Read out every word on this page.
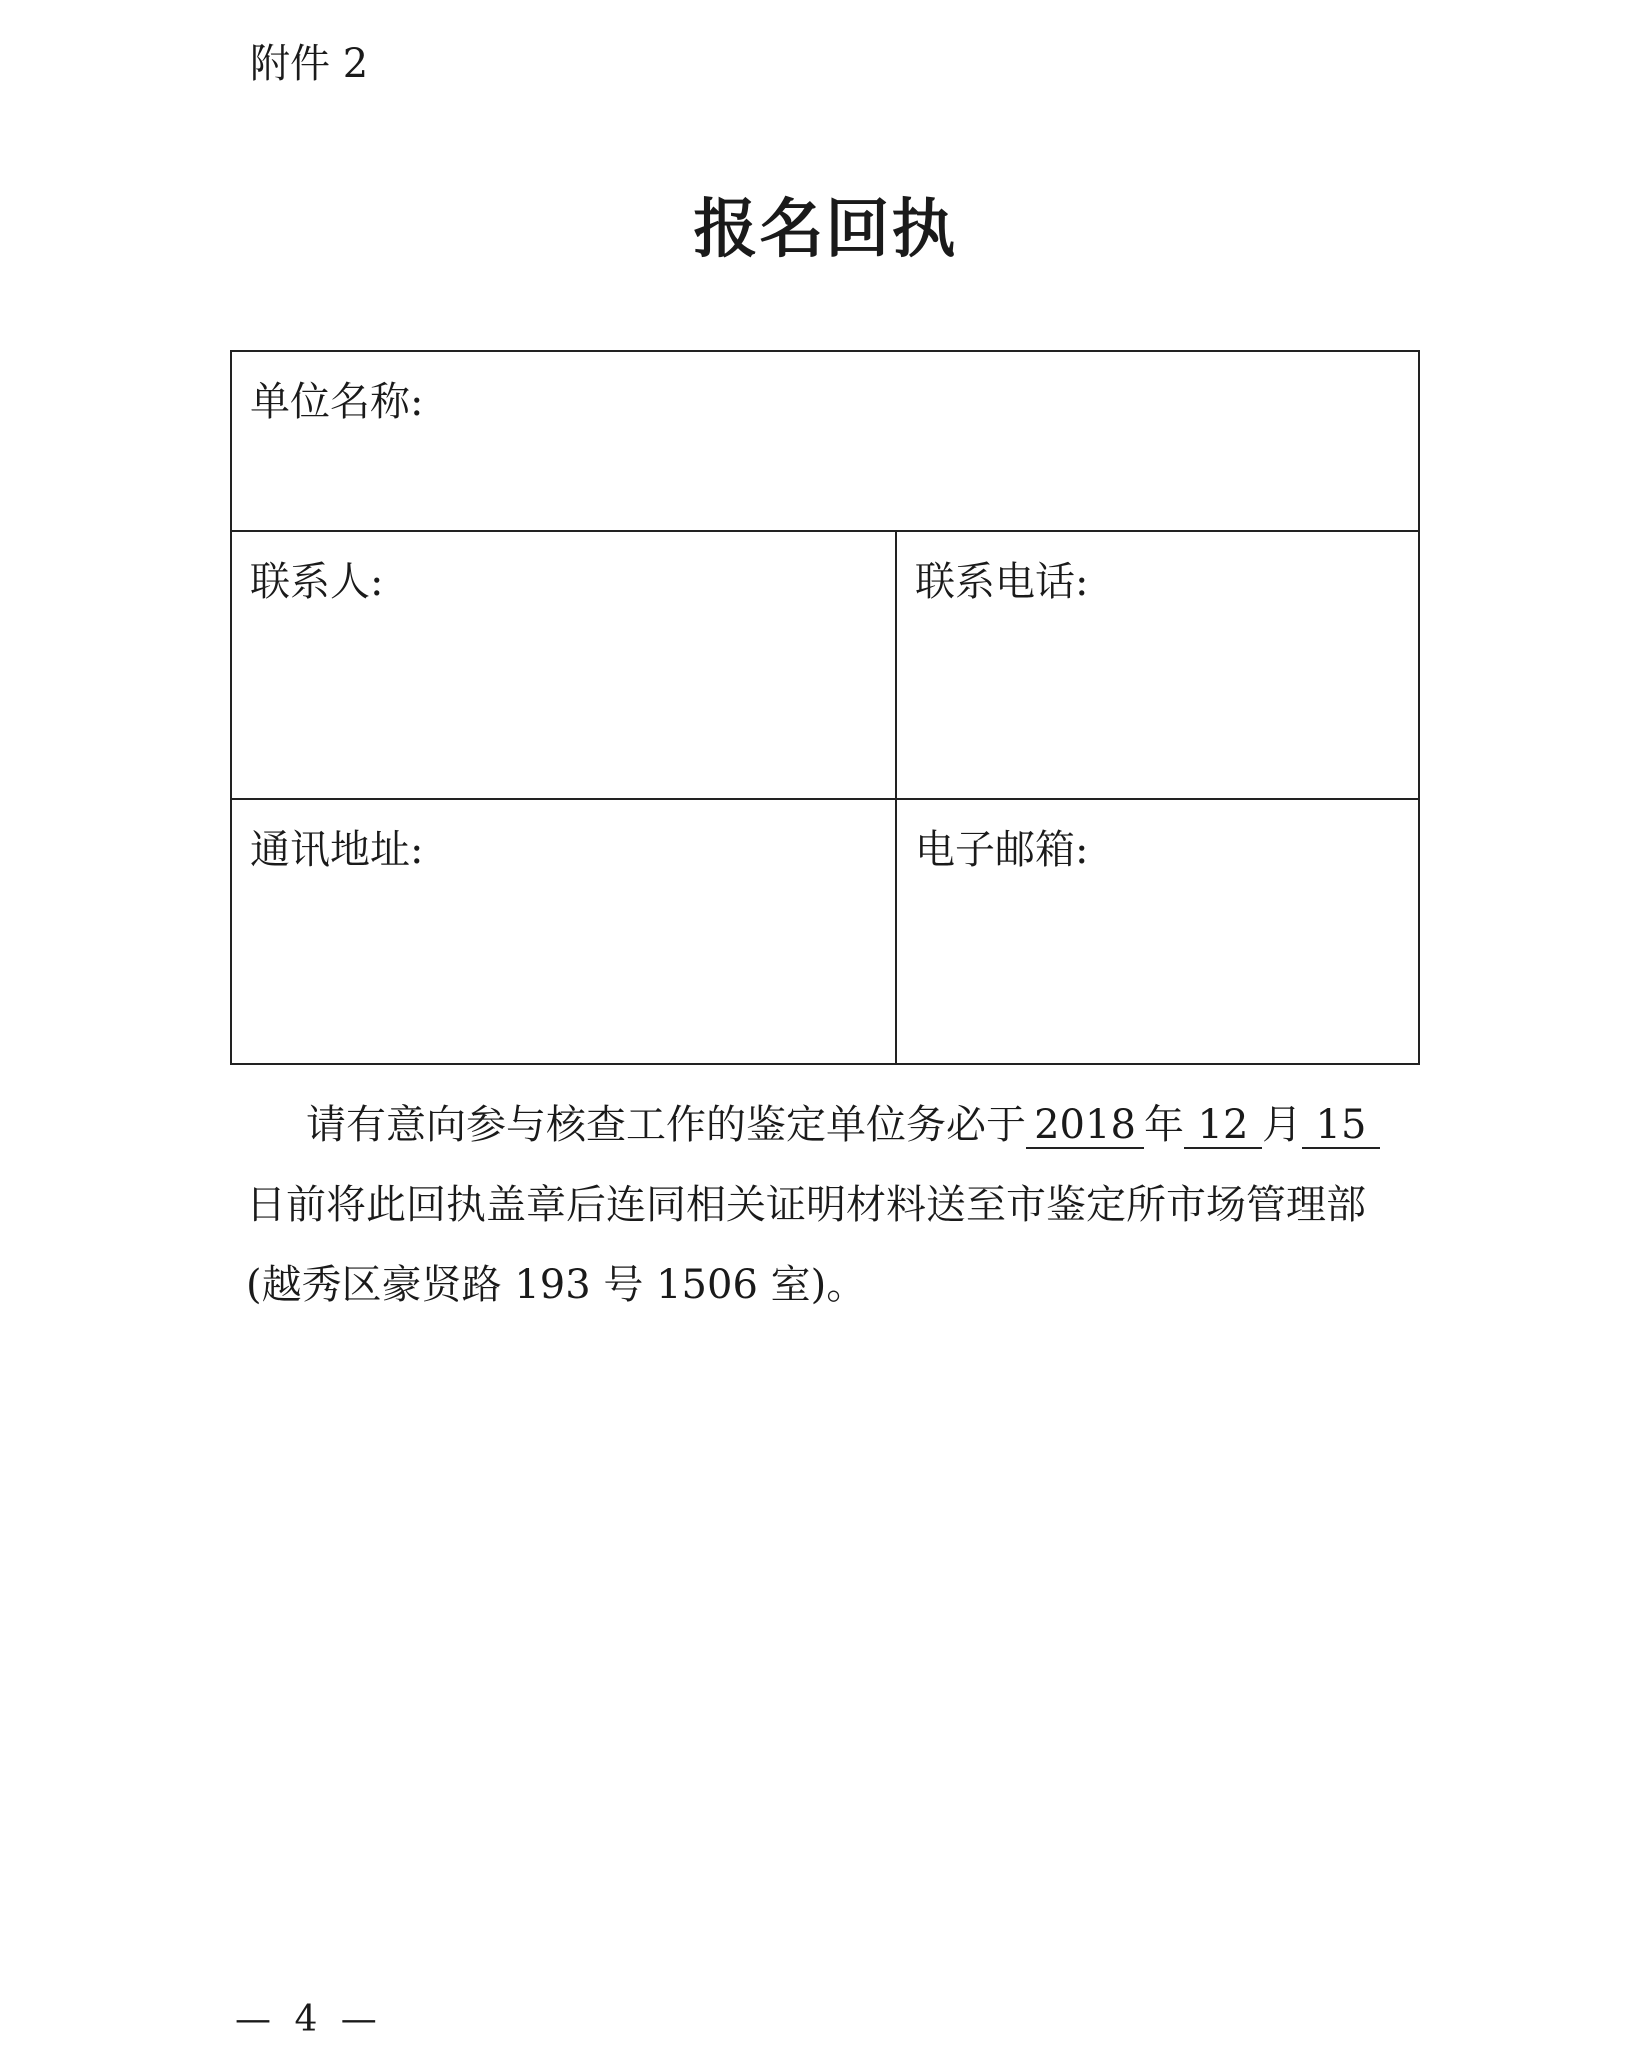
附件 2
报名回执
单位名称:
联系人:	联系电话:
通讯地址:	电子邮箱:
请有意向参与核查工作的鉴定单位务必于 2018 年 12 月 15日前将此回执盖章后连同相关证明材料送至市鉴定所市场管理部(越秀区豪贤路 193 号 1506 室)。
— 4 —
